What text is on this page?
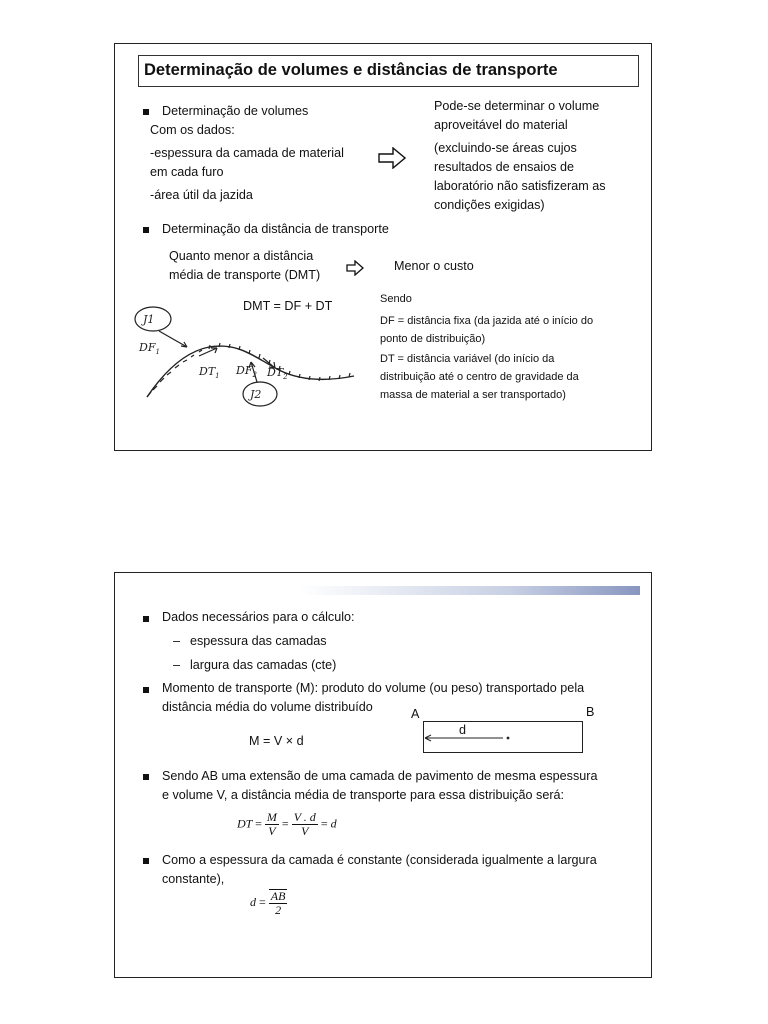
Determinação de volumes e distâncias de transporte
Determinação de volumes
Com os dados:
-espessura da camada de material
em cada furo
-área útil da jazida
Pode-se determinar o volume
aproveitável do material
(excluindo-se áreas cujos
resultados de ensaios de
laboratório não satisfizeram as
condições exigidas)
Determinação da distância de transporte
Quanto menor a distância
média de transporte (DMT)
Menor o custo
DMT = DF + DT	Sendo
DF = distância fixa (da jazida até o início do
ponto de distribuição)
DT = distância variável (do início da
distribuição até o centro de gravidade da
massa de material a ser transportado)
J1
J2
$DF_1$
$DT_1$ $DF_2$ $DT_2$
Dados necessários para o cálculo:
– espessura das camadas
– largura das camadas (cte)
Momento de transporte (M): produto do volume (ou peso) transportado pela
distância média do volume distribuído
M = V × d
A	B
d
Sendo AB uma extensão de uma camada de pavimento de mesma espessura
e volume V, a distância média de transporte para essa distribuição será:
DT = $\frac{M}{V} = \frac{V . d}{V} = d$
Como a espessura da camada é constante (considerada igualmente a largura
constante),
$d = \frac{AB}{2}$
